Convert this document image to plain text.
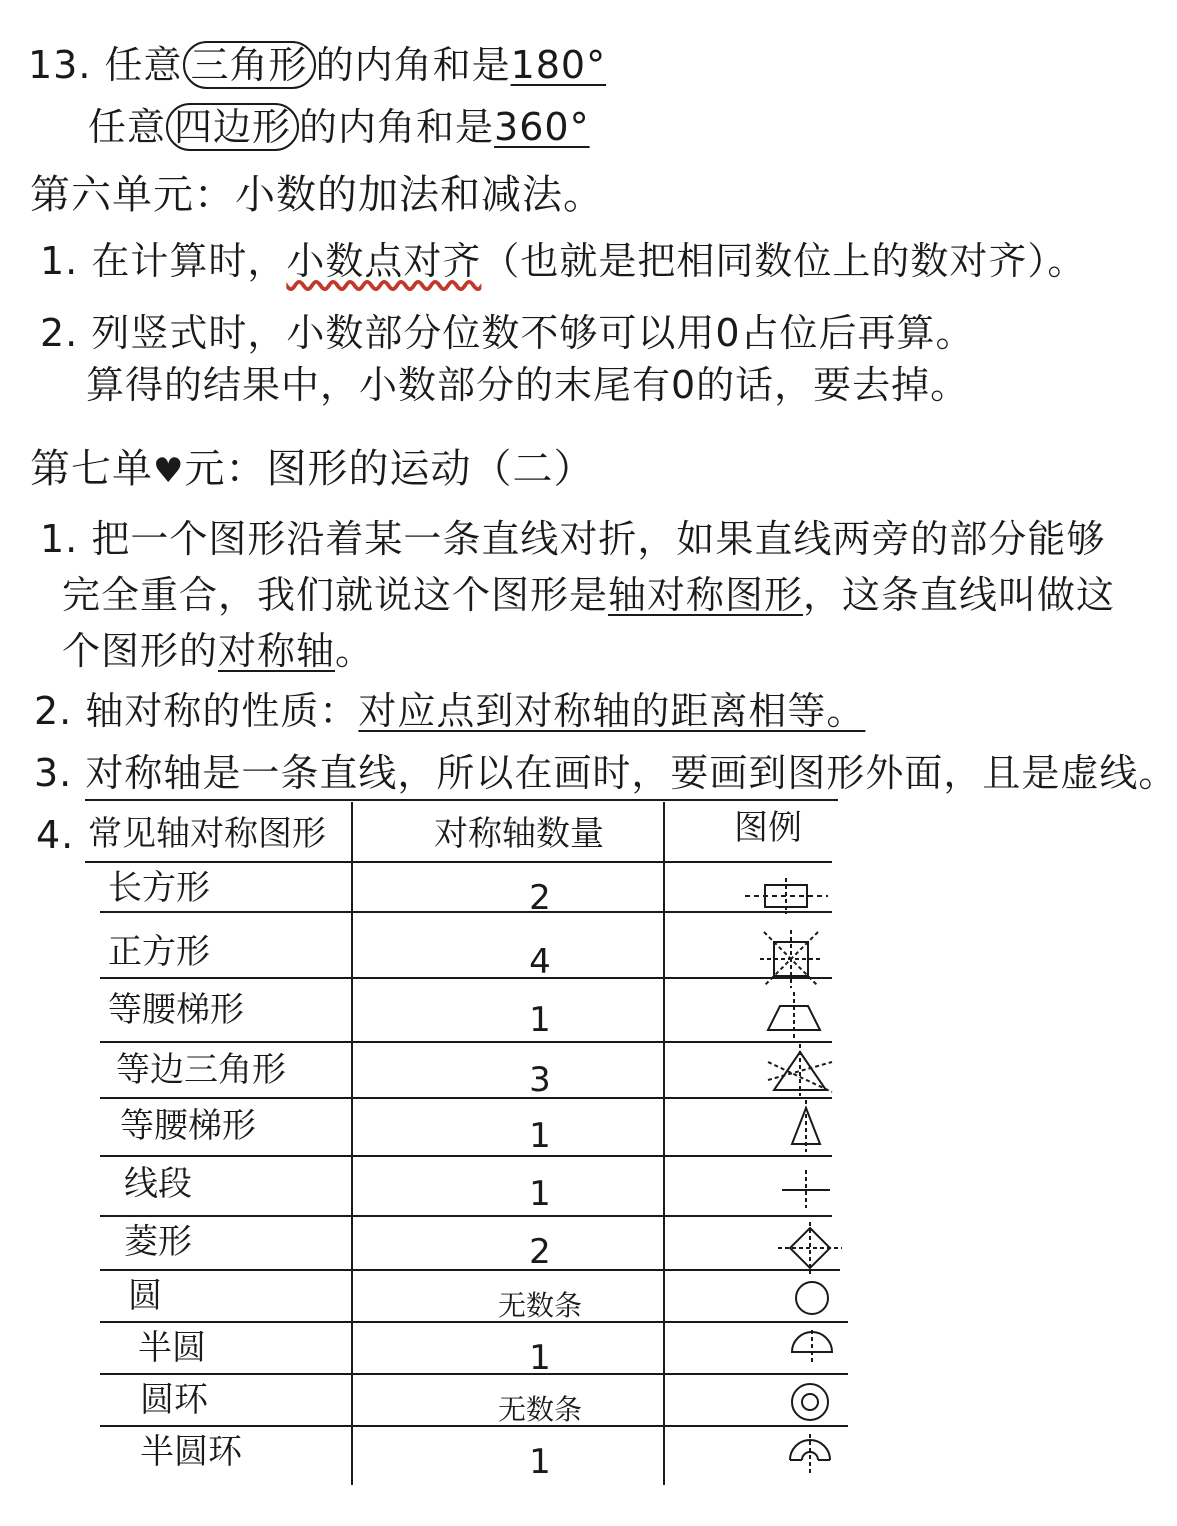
13. 任意 三角形 的内角和是180°
任意 四边形 的内角和是360°
第六单元：小数的加法和减法。
1. 在计算时，小数点对齐（也就是把相同数位上的数对齐）。
2. 列竖式时，小数部分位数不够可以用0占位后再算。
算得的结果中，小数部分的末尾有0的话，要去掉。
第七单♥元：图形的运动（二）
1. 把一个图形沿着某一条直线对折，如果直线两旁的部分能够
完全重合，我们就说这个图形是轴对称图形，这条直线叫做这
个图形的对称轴。
2. 轴对称的性质：对应点到对称轴的距离相等。
3. 对称轴是一条直线，所以在画时，要画到图形外面，且是虚线。
4. 常见轴对称图形	对称轴数量	图例
长方形	2
正方形	4
等腰梯形	1
等边三角形	3
等腰梯形	1
线段	1
菱形	2
圆	无数条
半圆	1
圆环	无数条
半圆环	1
